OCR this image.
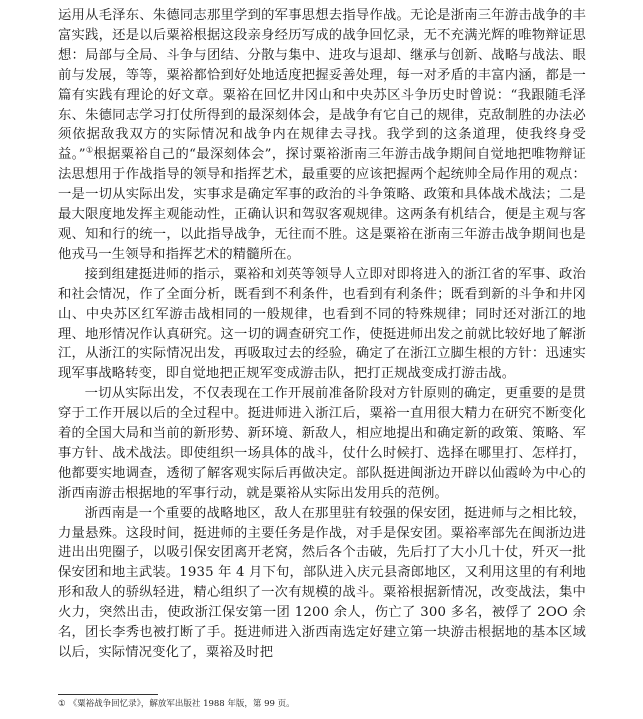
运用从毛泽东、朱德同志那里学到的军事思想去指导作战。无论是浙南三年游击战争的丰富实践，还是以后粟裕根据这段亲身经历写成的战争回忆录，无不充满光辉的唯物辩证思想：局部与全局、斗争与团结、分散与集中、进攻与退却、继承与创新、战略与战法、眼前与发展，等等，粟裕都恰到好处地适度把握妥善处理，每一对矛盾的丰富内涵，都是一篇有实践有理论的好文章。粟裕在回忆井冈山和中央苏区斗争历史时曾说：“我跟随毛泽东、朱德同志学习打仗所得到的最深刻体会，是战争有它自己的规律，克敌制胜的办法必须依据敌我双方的实际情况和战争内在规律去寻找。我学到的这条道理，使我终身受益。”①根据粟裕自己的“最深刻体会”，探讨粟裕浙南三年游击战争期间自觉地把唯物辩证法思想用于作战指导的领导和指挥艺术，最重要的应该把握两个起统帅全局作用的观点：一是一切从实际出发，实事求是确定军事的政治的斗争策略、政策和具体战术战法；二是最大限度地发挥主观能动性，正确认识和驾驭客观规律。这两条有机结合，便是主观与客观、知和行的统一，以此指导战争，无往而不胜。这是粟裕在浙南三年游击战争期间也是他戎马一生领导和指挥艺术的精髓所在。

接到组建挺进师的指示，粟裕和刘英等领导人立即对即将进入的浙江省的军事、政治和社会情况，作了全面分析，既看到不利条件，也看到有利条件；既看到新的斗争和井冈山、中央苏区红军游击战相同的一般规律，也看到不同的特殊规律；同时还对浙江的地理、地形情况作认真研究。这一切的调查研究工作，使挺进师出发之前就比较好地了解浙江，从浙江的实际情况出发，再吸取过去的经验，确定了在浙江立脚生根的方针：迅速实现军事战略转变，即自觉地把正规军变成游击队，把打正规战变成打游击战。

一切从实际出发，不仅表现在工作开展前准备阶段对方针原则的确定，更重要的是贯穿于工作开展以后的全过程中。挺进师进入浙江后，粟裕一直用很大精力在研究不断变化着的全国大局和当前的新形势、新环境、新敌人，相应地提出和确定新的政策、策略、军事方针、战术战法。即使组织一场具体的战斗，仗什么时候打、选择在哪里打、怎样打，他都要实地调查，透彻了解客观实际后再做决定。部队挺进闽浙边开辟以仙霞岭为中心的浙西南游击根据地的军事行动，就是粟裕从实际出发用兵的范例。

浙西南是一个重要的战略地区，敌人在那里驻有较强的保安团，挺进师与之相比较，力量悬殊。这段时间，挺进师的主要任务是作战，对手是保安团。粟裕率部先在闽浙边进进出出兜圈子，以吸引保安团离开老窝，然后各个击破，先后打了大小几十仗，歼灭一批保安团和地主武装。1935 年 4 月下旬，部队进入庆元县斋郎地区，又利用这里的有利地形和敌人的骄纵轻进，精心组织了一次有规模的战斗。粟裕根据新情况，改变战法，集中火力，突然出击，使政浙江保安第一团 1200 余人，伤亡了 300 多名，被俘了 2OO 余名，团长李秀也被打断了手。挺进师进入浙西南选定好建立第一块游击根据地的基本区域以后，实际情况变化了，粟裕及时把

① 《粟裕战争回忆录》，解放军出版社 1988 年版，第 99 页。
